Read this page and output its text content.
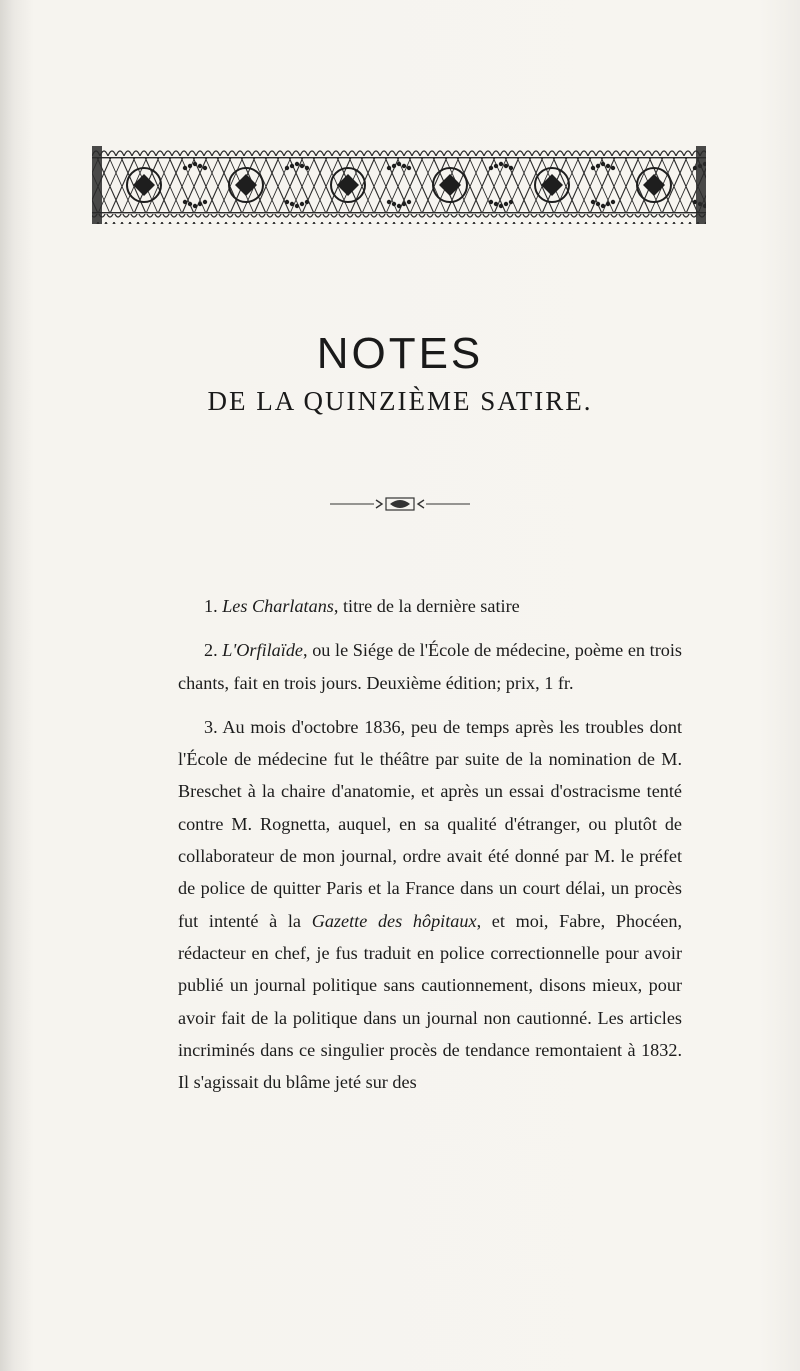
NOTES
DE LA QUINZIÈME SATIRE.

1. Les Charlatans, titre de la dernière satire

2. L'Orfilaïde, ou le Siége de l'École de médecine, poème en trois chants, fait en trois jours. Deuxième édition; prix, 1 fr.

3. Au mois d'octobre 1836, peu de temps après les troubles dont l'École de médecine fut le théâtre par suite de la nomination de M. Breschet à la chaire d'anatomie, et après un essai d'ostracisme tenté contre M. Rognetta, auquel, en sa qualité d'étranger, ou plutôt de collaborateur de mon journal, ordre avait été donné par M. le préfet de police de quitter Paris et la France dans un court délai, un procès fut intenté à la Gazette des hôpitaux, et moi, Fabre, Phocéen, rédacteur en chef, je fus traduit en police correctionnelle pour avoir publié un journal politique sans cautionnement, disons mieux, pour avoir fait de la politique dans un journal non cautionné. Les articles incriminés dans ce singulier procès de tendance remontaient à 1832. Il s'agissait du blâme jeté sur des
